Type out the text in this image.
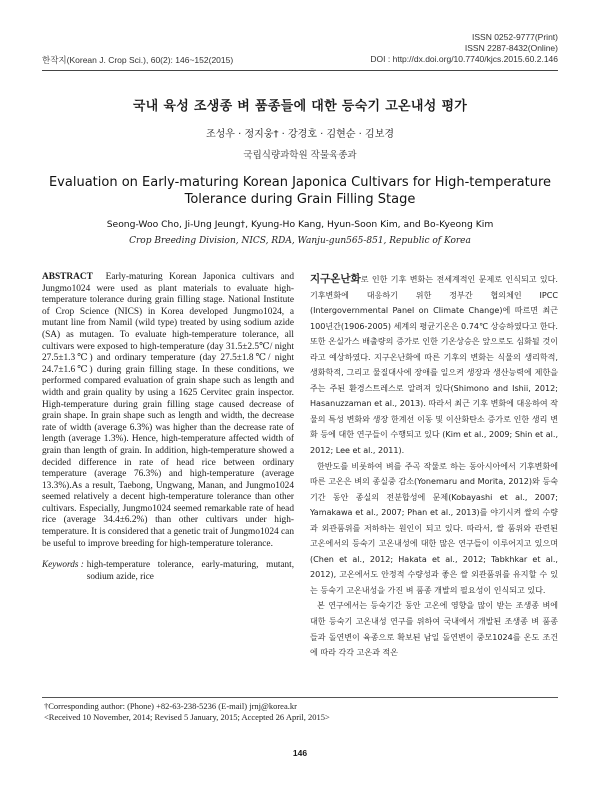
한작지(Korean J. Crop Sci.), 60(2): 146~152(2015)
ISSN 0252-9777(Print)
ISSN 2287-8432(Online)
DOI : http://dx.doi.org/10.7740/kjcs.2015.60.2.146
국내 육성 조생종 벼 품종들에 대한 등숙기 고온내성 평가
조성우 · 정지웅† · 강경호 · 김현순 · 김보경
국립식량과학원 작물육종과
Evaluation on Early-maturing Korean Japonica Cultivars for High-temperature
Tolerance during Grain Filling Stage
Seong-Woo Cho, Ji-Ung Jeung†, Kyung-Ho Kang, Hyun-Soon Kim, and Bo-Kyeong Kim
Crop Breeding Division, NICS, RDA, Wanju-gun565-851, Republic of Korea
ABSTRACT Early-maturing Korean Japonica cultivars and Jungmo1024 were used as plant materials to evaluate high-temperature tolerance during grain filling stage. National Institute of Crop Science (NICS) in Korea developed Jungmo1024, a mutant line from Namil (wild type) treated by using sodium azide (SA) as mutagen. To evaluate high-temperature tolerance, all cultivars were exposed to high-temperature (day 31.5±2.5℃/ night 27.5±1.3℃) and ordinary temperature (day 27.5±1.8℃/ night 24.7±1.6℃) during grain filling stage. In these conditions, we performed compared evaluation of grain shape such as length and width and grain quality by using a 1625 Cervitec grain inspector. High-temperature during grain filling stage caused decrease of grain shape. In grain shape such as length and width, the decrease rate of width (average 6.3%) was higher than the decrease rate of length (average 1.3%). Hence, high-temperature affected width of grain than length of grain. In addition, high-temperature showed a decided difference in rate of head rice between ordinary temperature (average 76.3%) and high-temperature (average 13.3%).As a result, Taebong, Ungwang, Manan, and Jungmo1024 seemed relatively a decent high-temperature tolerance than other cultivars. Especially, Jungmo1024 seemed remarkable rate of head rice (average 34.4±6.2%) than other cultivars under high-temperature. It is considered that a genetic trait of Jungmo1024 can be useful to improve breeding for high-temperature tolerance.
Keywords : high-temperature tolerance, early-maturing, mutant, sodium azide, rice

지구온난화로 인한 기후 변화는 전세계적인 문제로 인식되고 있다. 기후변화에 대응하기 위한 정부간 협의체인 IPCC (Intergovernmental Panel on Climate Change)에 따르면 최근 100년간(1906-2005) 세계의 평균기온은 0.74℃ 상승하였다고 한다. 또한 온실가스 배출량의 증가로 인한 기온상승은 앞으로도 심화될 것이라고 예상하였다. 지구온난화에 따른 기후의 변화는 식물의 생리학적, 생화학적, 그리고 물질대사에 장애를 일으켜 생장과 생산능력에 제한을 주는 주된 환경스트레스로 알려져 있다(Shimono and Ishii, 2012; Hasanuzzaman et al., 2013). 따라서 최근 기후 변화에 대응하여 작물의 특성 변화와 생장 한계선 이동 및 이산화탄소 증가로 인한 생리 변화 등에 대한 연구들이 수행되고 있다 (Kim et al., 2009; Shin et al., 2012; Lee et al., 2011).

한반도를 비롯하여 벼를 주곡 작물로 하는 동아시아에서 기후변화에 따른 고온은 벼의 종실중 감소(Yonemaru and Morita, 2012)와 등숙기간 동안 종실의 전분합성에 문제(Kobayashi et al., 2007; Yamakawa et al., 2007; Phan et al., 2013)를 야기시켜 쌀의 수량과 외관품위를 저하하는 원인이 되고 있다. 따라서, 쌀 품위와 관련된 고온에서의 등숙기 고온내성에 대한 많은 연구들이 이루어지고 있으며(Chen et al., 2012; Hakata et al., 2012; Tabkhkar et al., 2012), 고온에서도 안정적 수량성과 좋은 쌀 외관품위를 유지할 수 있는 등숙기 고온내성을 가진 벼 품종 개발의 필요성이 인식되고 있다.

본 연구에서는 등숙기간 동안 고온에 영향을 많이 받는 조생종 벼에 대한 등숙기 고온내성 연구를 위하여 국내에서 개발된 조생종 벼 품종들과 돌연변이 육종으로 확보된 남일 돌연변이 중모1024를 온도 조건에 따라 각각 고온과 적온

†Corresponding author: (Phone) +82-63-238-5236 (E-mail) jrnj@korea.kr
<Received 10 November, 2014; Revised 5 January, 2015; Accepted 26 April, 2015>
146
